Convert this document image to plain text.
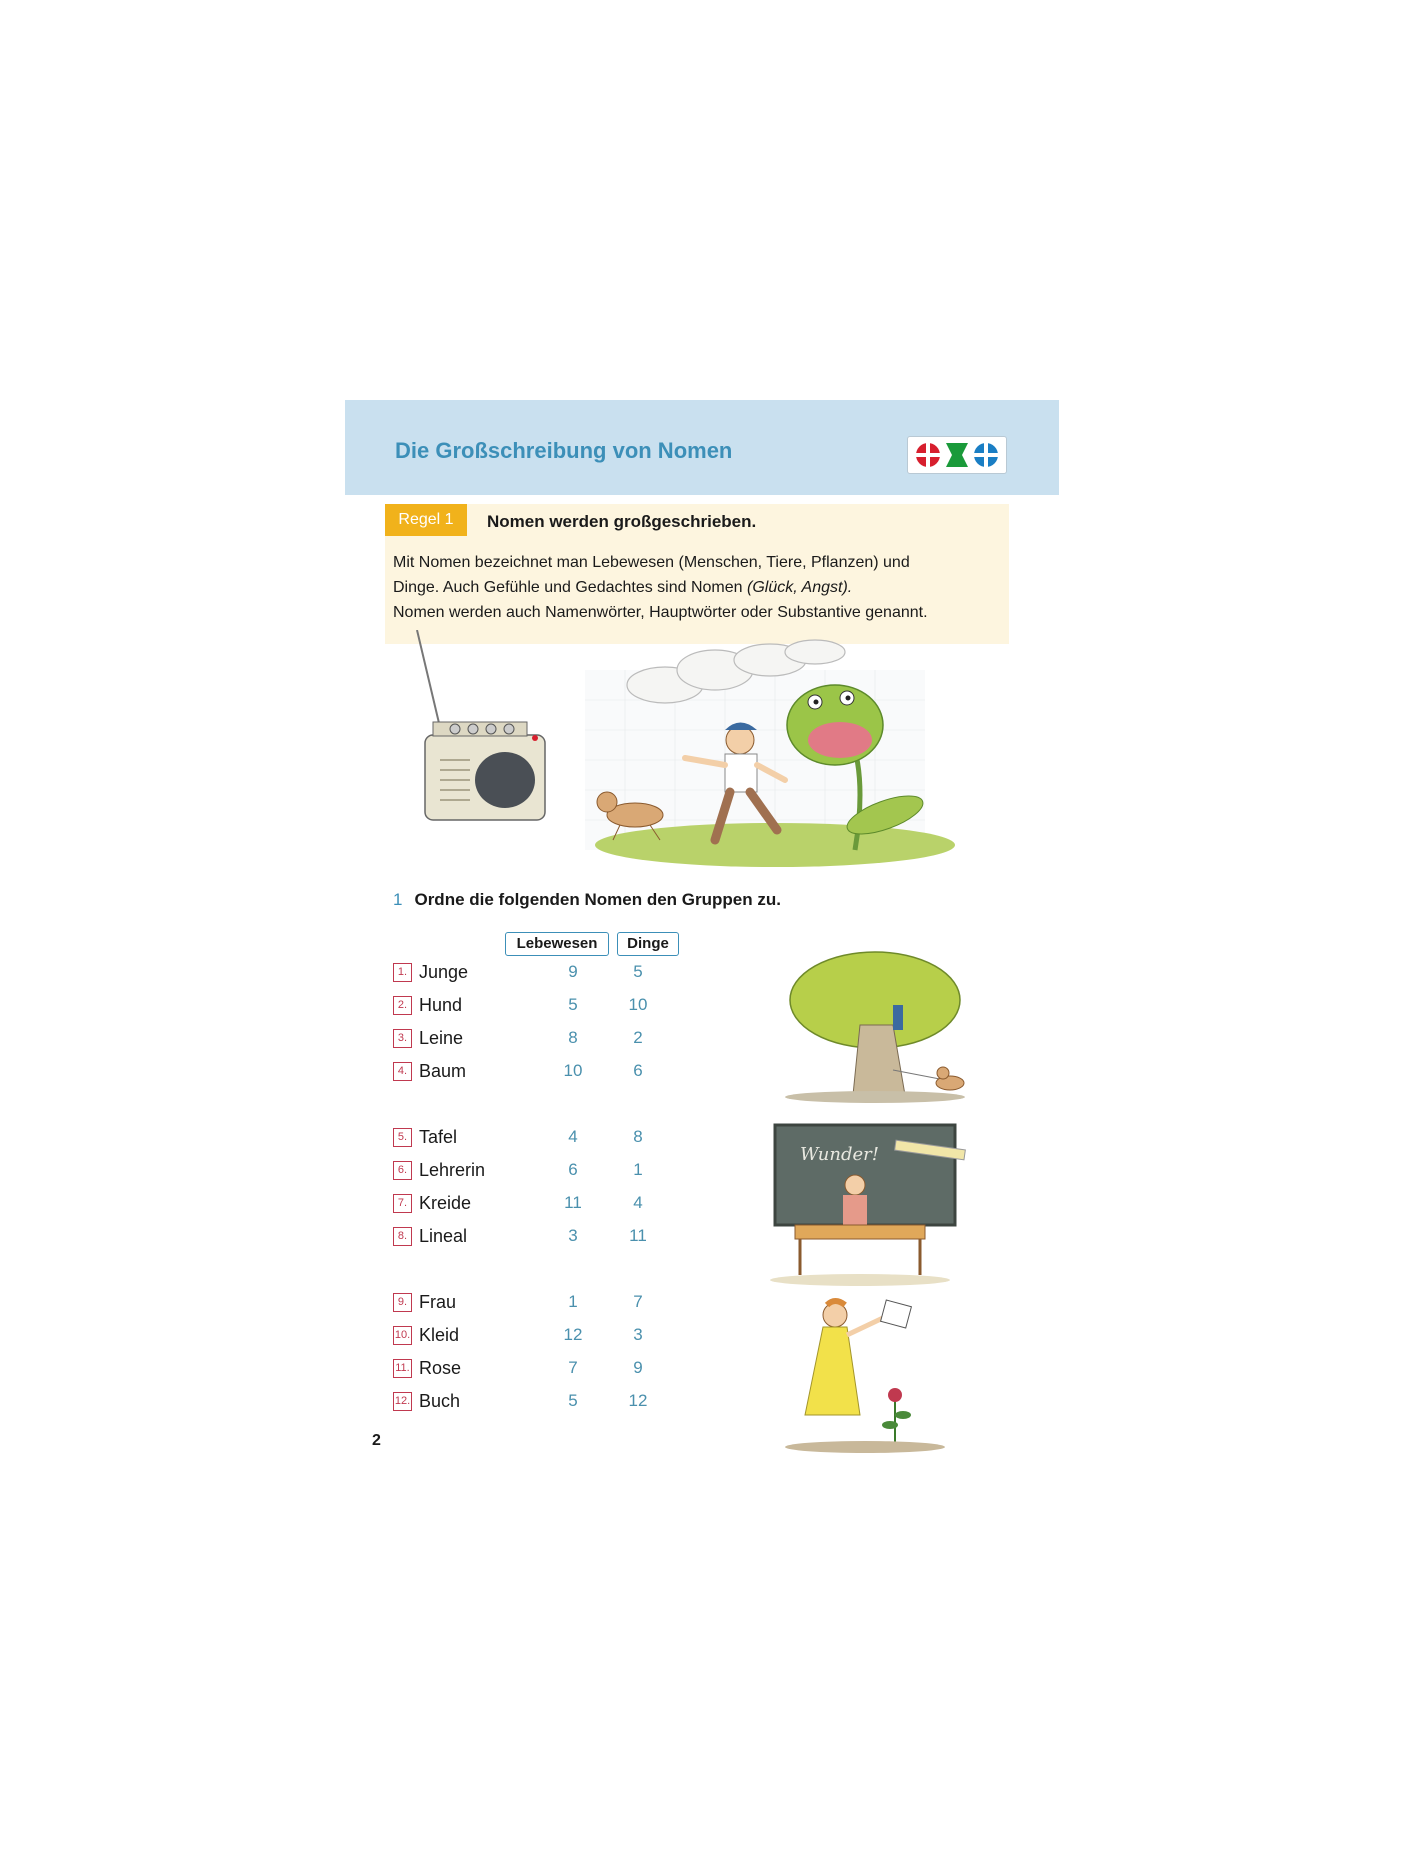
Die Großschreibung von Nomen
Regel 1	Nomen werden großgeschrieben.

Mit Nomen bezeichnet man Lebewesen (Menschen, Tiere, Pflanzen) und

Dinge. Auch Gefühle und Gedachtes sind Nomen (Glück, Angst).

Nomen werden auch Namenwörter, Hauptwörter oder Substantive genannt.

1 Ordne die folgenden Nomen den Gruppen zu.
Lebewesen	Dinge
1. Junge	9	5
2. Hund	5	10
3. Leine	8	2
4. Baum	10	6
5. Tafel	4	8
6. Lehrerin	6	1
7. Kreide	11	4
8. Lineal	3	11
9. Frau	1	7
10. Kleid	12	3
11. Rose	7	9
12. Buch	5	12
Wunder!
2
